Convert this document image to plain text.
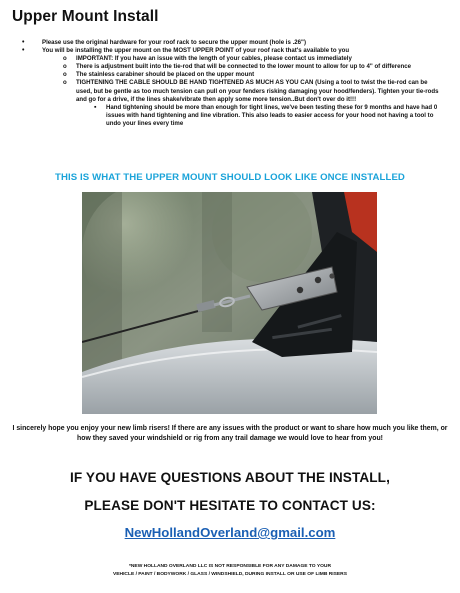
Upper Mount Install
•	Please use the original hardware for your roof rack to secure the upper mount (hole is .26")
•	You will be installing the upper mount on the MOST UPPER POINT of your roof rack that's available to you
o	IMPORTANT: If you have an issue with the length of your cables, please contact us immediately
o	There is adjustment built into the tie-rod that will be connected to the lower mount to allow for up to 4" of difference
o	The stainless carabiner should be placed on the upper mount
o	TIGHTENING THE CABLE SHOULD BE HAND TIGHTENED AS MUCH AS YOU CAN (Using a tool to twist the tie-rod can be used, but be gentle as too much tension can pull on your fenders risking damaging your hood/fenders). Tighten your tie-rods and go for a drive, if the lines shake/vibrate then apply some more tension..But don't over do it!!!
▪	Hand tightening should be more than enough for tight lines, we've been testing these for 9 months and have had 0 issues with hand tightening and line vibration. This also leads to easier access for your hood not having a tool to undo your lines every time
THIS IS WHAT THE UPPER MOUNT SHOULD LOOK LIKE ONCE INSTALLED
I sincerely hope you enjoy your new limb risers! If there are any issues with the product or want to share how much you like them, or how they saved your windshield or rig from any trail damage we would love to hear from you!
IF YOU HAVE QUESTIONS ABOUT THE INSTALL,
PLEASE DON'T HESITATE TO CONTACT US:
NewHollandOverland@gmail.com
*NEW HOLLAND OVERLAND LLC IS NOT RESPONSIBLE FOR ANY DAMAGE TO YOUR
VEHICLE / PAINT / BODYWORK / GLASS / WINDSHIELD, DURING INSTALL OR USE OF LIMB RISERS
